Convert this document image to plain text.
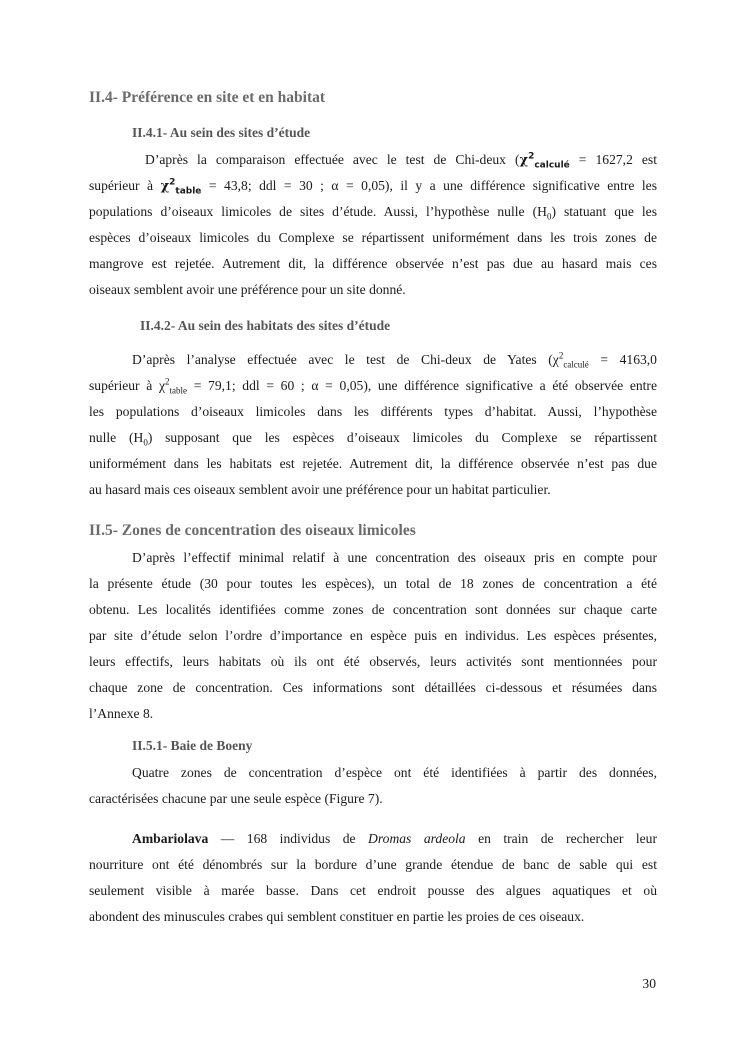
II.4- Préférence en site et en habitat
II.4.1- Au sein des sites d’étude
D’après la comparaison effectuée avec le test de Chi-deux ($\chi^2_{calculé} = 1627,2$ est
supérieur à $\chi^2_{table} = 43,8$; ddl = 30 ; α = 0,05), il y a une différence significative entre les
populations d’oiseaux limicoles de sites d’étude. Aussi, l’hypothèse nulle $(H_0)$ statuant que les
espèces d’oiseaux limicoles du Complexe se répartissent uniformément dans les trois zones de
mangrove est rejetée. Autrement dit, la différence observée n’est pas due au hasard mais ces
oiseaux semblent avoir une préférence pour un site donné.
II.4.2- Au sein des habitats des sites d’étude
D’après l’analyse effectuée avec le test de Chi-deux de Yates ($\chi^2_{calculé} = 4163,0$
supérieur à $\chi^2_{table} = 79,1$; ddl = 60 ; α = 0,05), une différence significative a été observée entre
les populations d’oiseaux limicoles dans les différents types d’habitat. Aussi, l’hypothèse
nulle $(H_0)$ supposant que les espèces d’oiseaux limicoles du Complexe se répartissent
uniformément dans les habitats est rejetée. Autrement dit, la différence observée n’est pas due
au hasard mais ces oiseaux semblent avoir une préférence pour un habitat particulier.
II.5- Zones de concentration des oiseaux limicoles
D’après l’effectif minimal relatif à une concentration des oiseaux pris en compte pour
la présente étude (30 pour toutes les espèces), un total de 18 zones de concentration a été
obtenu. Les localités identifiées comme zones de concentration sont données sur chaque carte
par site d’étude selon l’ordre d’importance en espèce puis en individus. Les espèces présentes,
leurs effectifs, leurs habitats où ils ont été observés, leurs activités sont mentionnées pour
chaque zone de concentration. Ces informations sont détaillées ci-dessous et résumées dans
l’Annexe 8.
II.5.1- Baie de Boeny
Quatre zones de concentration d’espèce ont été identifiées à partir des données,
caractérisées chacune par une seule espèce (Figure 7).
Ambariolava — 168 individus de Dromas ardeola en train de rechercher leur
nourriture ont été dénombrés sur la bordure d’une grande étendue de banc de sable qui est
seulement visible à marée basse. Dans cet endroit pousse des algues aquatiques et où
abondent des minuscules crabes qui semblent constituer en partie les proies de ces oiseaux.
30
